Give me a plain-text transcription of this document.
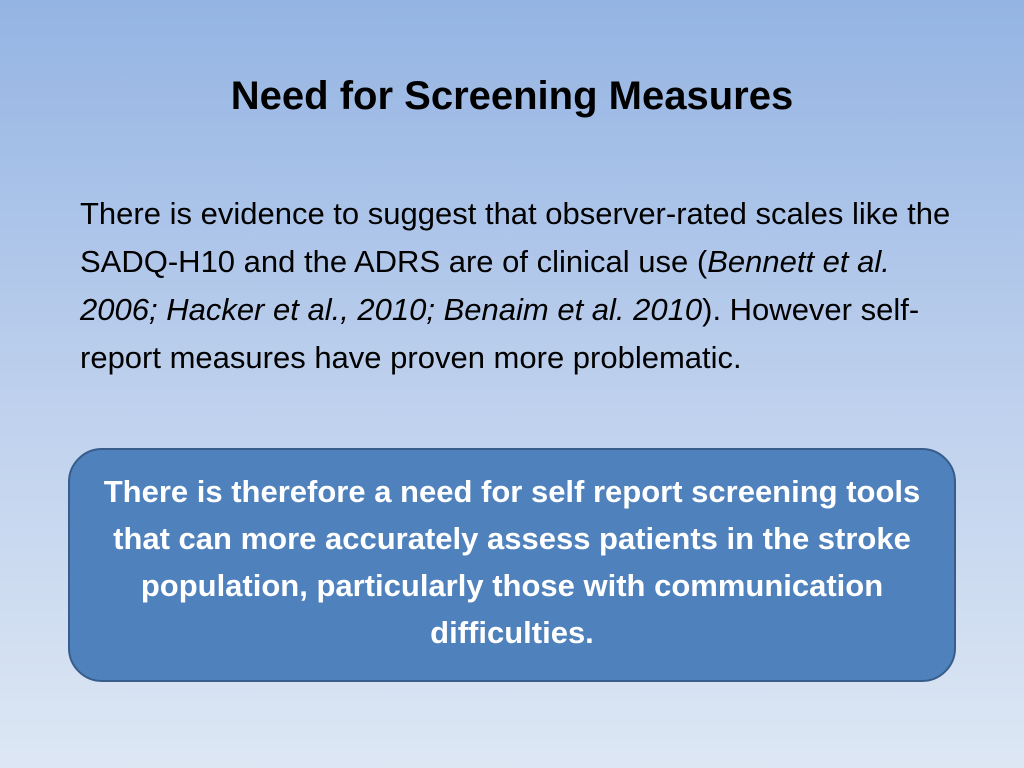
Need for Screening Measures

There is evidence to suggest that observer-rated scales like the SADQ-H10 and the ADRS are of clinical use (Bennett et al. 2006; Hacker et al., 2010; Benaim et al. 2010). However self-report measures have proven more problematic.

There is therefore a need for self report screening tools that can more accurately assess patients in the stroke population, particularly those with communication difficulties.
